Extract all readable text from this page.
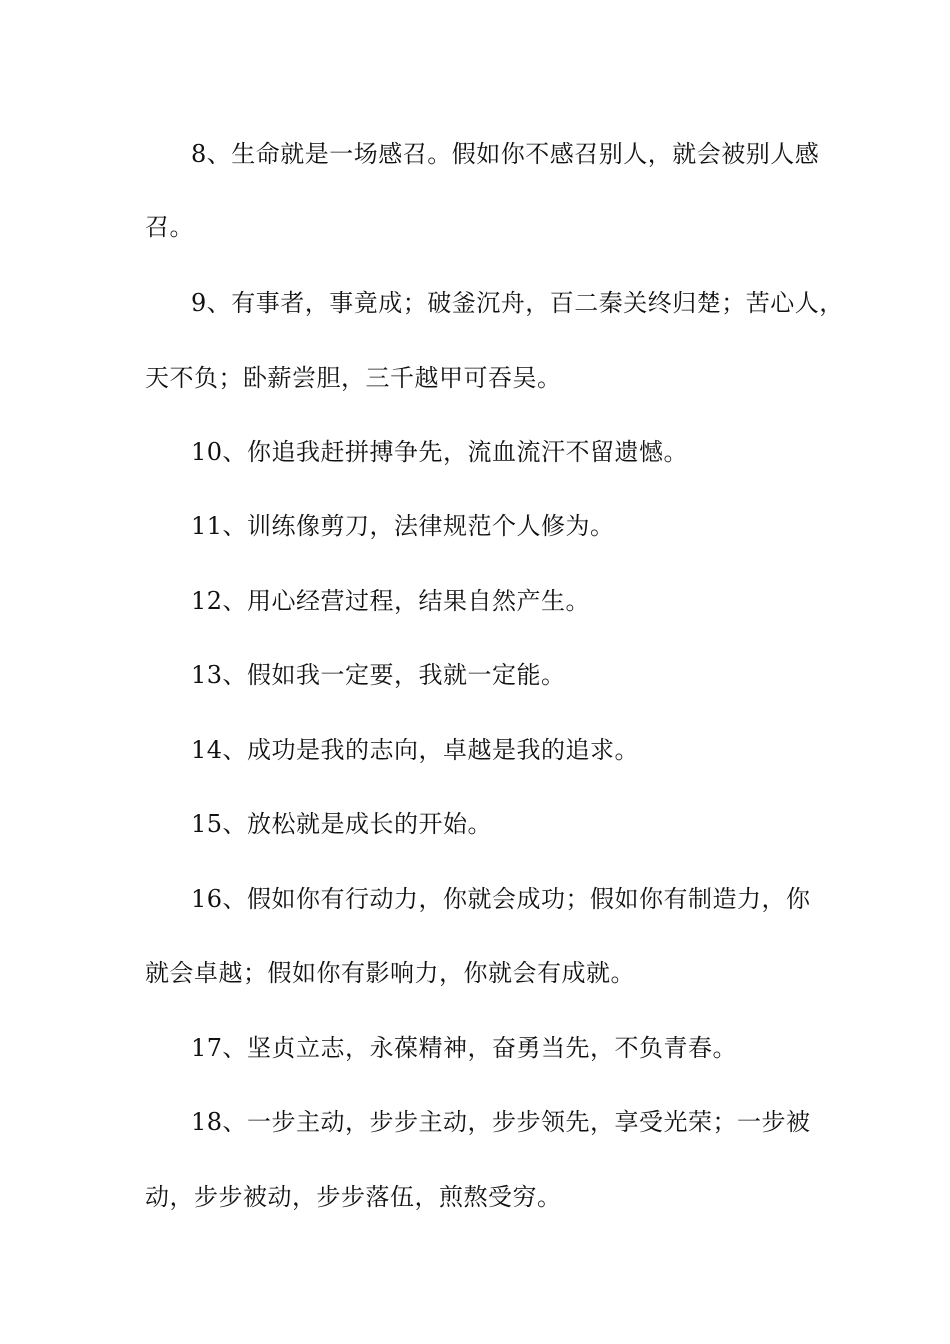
8、生命就是一场感召。假如你不感召别人，就会被别人感
召。
9、有事者，事竟成；破釜沉舟，百二秦关终归楚；苦心人，
天不负；卧薪尝胆，三千越甲可吞吴。
10、你追我赶拼搏争先，流血流汗不留遗憾。
11、训练像剪刀，法律规范个人修为。
12、用心经营过程，结果自然产生。
13、假如我一定要，我就一定能。
14、成功是我的志向，卓越是我的追求。
15、放松就是成长的开始。
16、假如你有行动力，你就会成功；假如你有制造力，你
就会卓越；假如你有影响力，你就会有成就。
17、坚贞立志，永葆精神，奋勇当先，不负青春。
18、一步主动，步步主动，步步领先，享受光荣；一步被
动，步步被动，步步落伍，煎熬受穷。
